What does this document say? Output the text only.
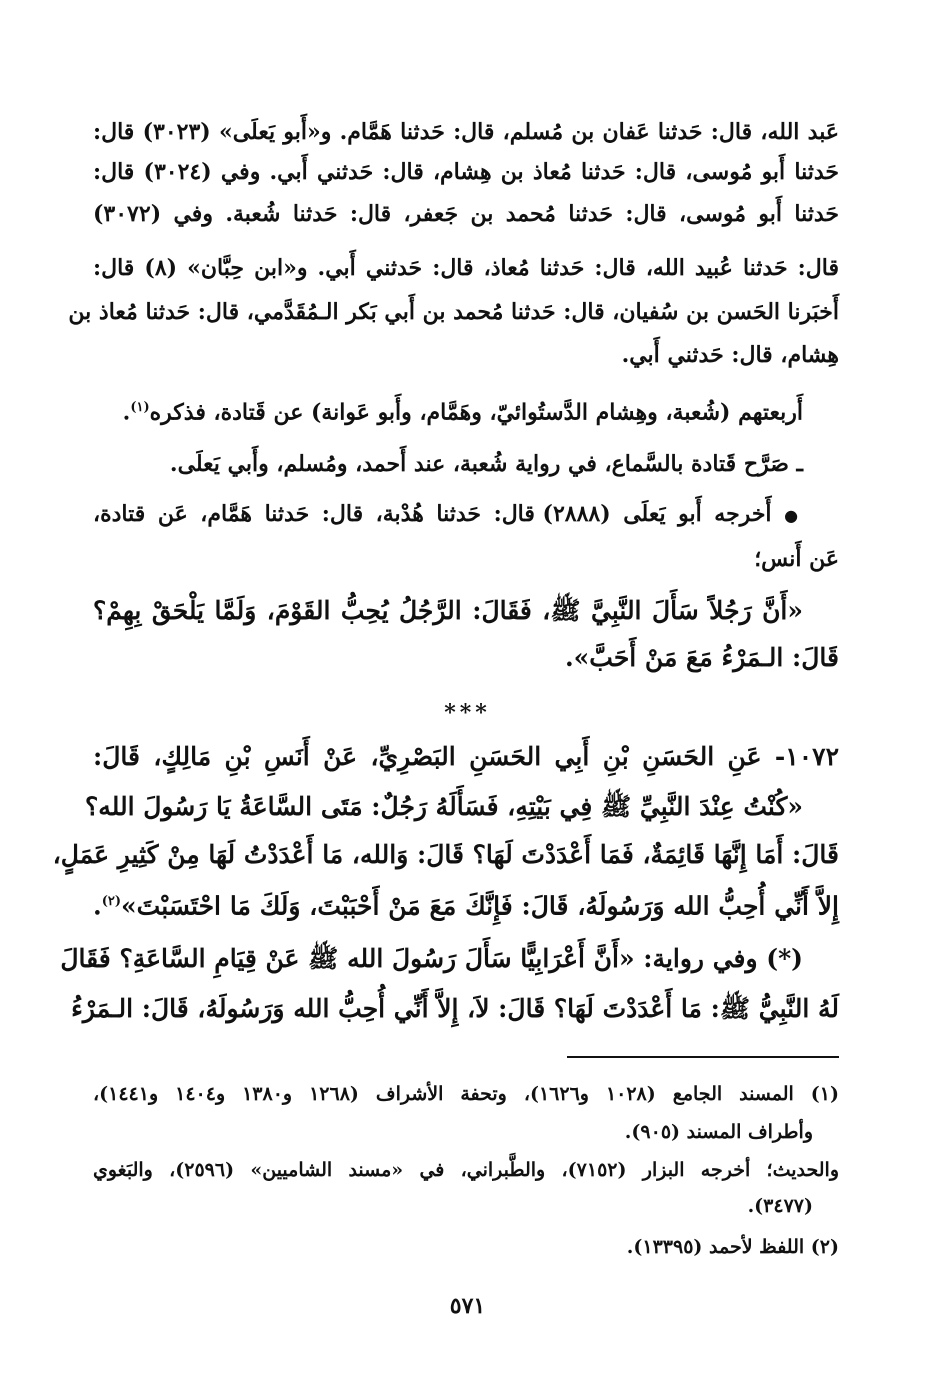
عَبد الله، قال: حَدثنا عَفان بن مُسلم، قال: حَدثنا هَمَّام. و«أَبو يَعلَى» (٣٠٢٣) قال:
حَدثنا أَبو مُوسى، قال: حَدثنا مُعاذ بن هِشام، قال: حَدثني أَبي. وفي (٣٠٢٤) قال:
حَدثنا أَبو مُوسى، قال: حَدثنا مُحمد بن جَعفر، قال: حَدثنا شُعبة. وفي (٣٠٧٢)
قال: حَدثنا عُبيد الله، قال: حَدثنا مُعاذ، قال: حَدثني أَبي. و«ابن حِبَّان» (٨) قال:
أَخبَرنا الحَسن بن سُفيان، قال: حَدثنا مُحمد بن أَبي بَكر الـمُقَدَّمي، قال: حَدثنا مُعاذ بن
هِشام، قال: حَدثني أَبي.
أَربعتهم (شُعبة، وهِشام الدَّستُوائيّ، وهَمَّام، وأَبو عَوانة) عن قَتادة، فذكره$^{(١)}$.
ـ صَرَّح قَتادة بالسَّماع، في رواية شُعبة، عند أَحمد، ومُسلم، وأَبي يَعلَى.
● أَخرجه أَبو يَعلَى (٢٨٨٨) قال: حَدثنا هُدْبة، قال: حَدثنا هَمَّام، عَن قتادة،
عَن أَنس؛
«أَنَّ رَجُلاً سَأَلَ النَّبِيَّ ﷺ، فَقَالَ: الرَّجُلُ يُحِبُّ القَوْمَ، وَلَمَّا يَلْحَقْ بِهِمْ؟
قَالَ: الـمَرْءُ مَعَ مَنْ أَحَبَّ».
***
١٠٧٢- عَنِ الحَسَنِ بْنِ أَبِي الحَسَنِ البَصْرِيِّ، عَنْ أَنَسِ بْنِ مَالِكٍ، قَالَ:
«كُنْتُ عِنْدَ النَّبِيِّ ﷺ فِي بَيْتِهِ، فَسَأَلَهُ رَجُلٌ: مَتَى السَّاعَةُ يَا رَسُولَ الله؟
قَالَ: أَمَا إِنَّهَا قَائِمَةٌ، فَمَا أَعْدَدْتَ لَهَا؟ قَالَ: وَالله، مَا أَعْدَدْتُ لَهَا مِنْ كَثِيرِ عَمَلٍ،
إِلاَّ أَنِّي أُحِبُّ الله وَرَسُولَهُ، قَالَ: فَإِنَّكَ مَعَ مَنْ أَحْبَبْتَ، وَلَكَ مَا احْتَسَبْتَ»$^{(٢)}$.
(*) وفي رواية: «أَنَّ أَعْرَابِيًّا سَأَلَ رَسُولَ الله ﷺ عَنْ قِيَامِ السَّاعَةِ؟ فَقَالَ
لَهُ النَّبِيُّ ﷺ: مَا أَعْدَدْتَ لَهَا؟ قَالَ: لاَ، إِلاَّ أَنِّي أُحِبُّ الله وَرَسُولَهُ، قَالَ: الـمَرْءُ
(١) المسند الجامع (١٠٢٨ و١٦٢٦)، وتحفة الأشراف (١٢٦٨ و١٣٨٠ و١٤٠٤ و١٤٤١)،
وأطراف المسند (٩٠٥).
والحديث؛ أخرجه البزار (٧١٥٢)، والطَّبراني، في «مسند الشاميين» (٢٥٩٦)، والبَغوي
(٣٤٧٧).
(٢) اللفظ لأحمد (١٣٣٩٥).
٥٧١
